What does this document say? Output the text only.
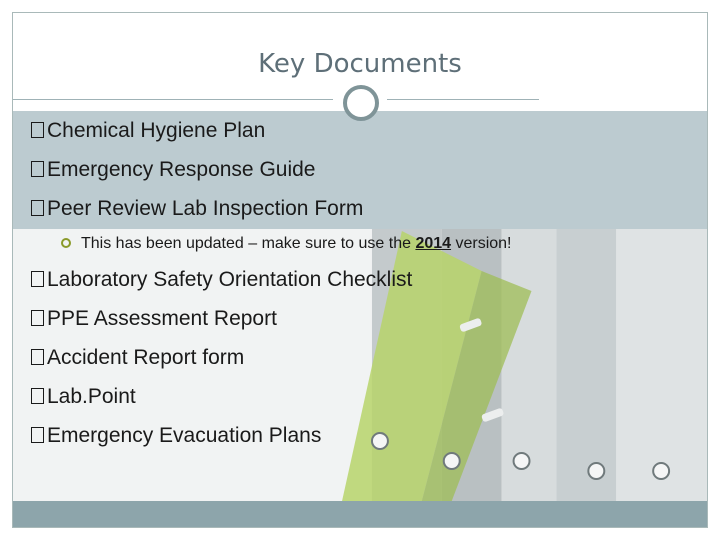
Key Documents
Chemical Hygiene Plan
Emergency Response Guide
Peer Review Lab Inspection Form
This has been updated – make sure to use the 2014 version!
Laboratory Safety Orientation Checklist
PPE Assessment Report
Accident Report form
Lab.Point
Emergency Evacuation Plans
